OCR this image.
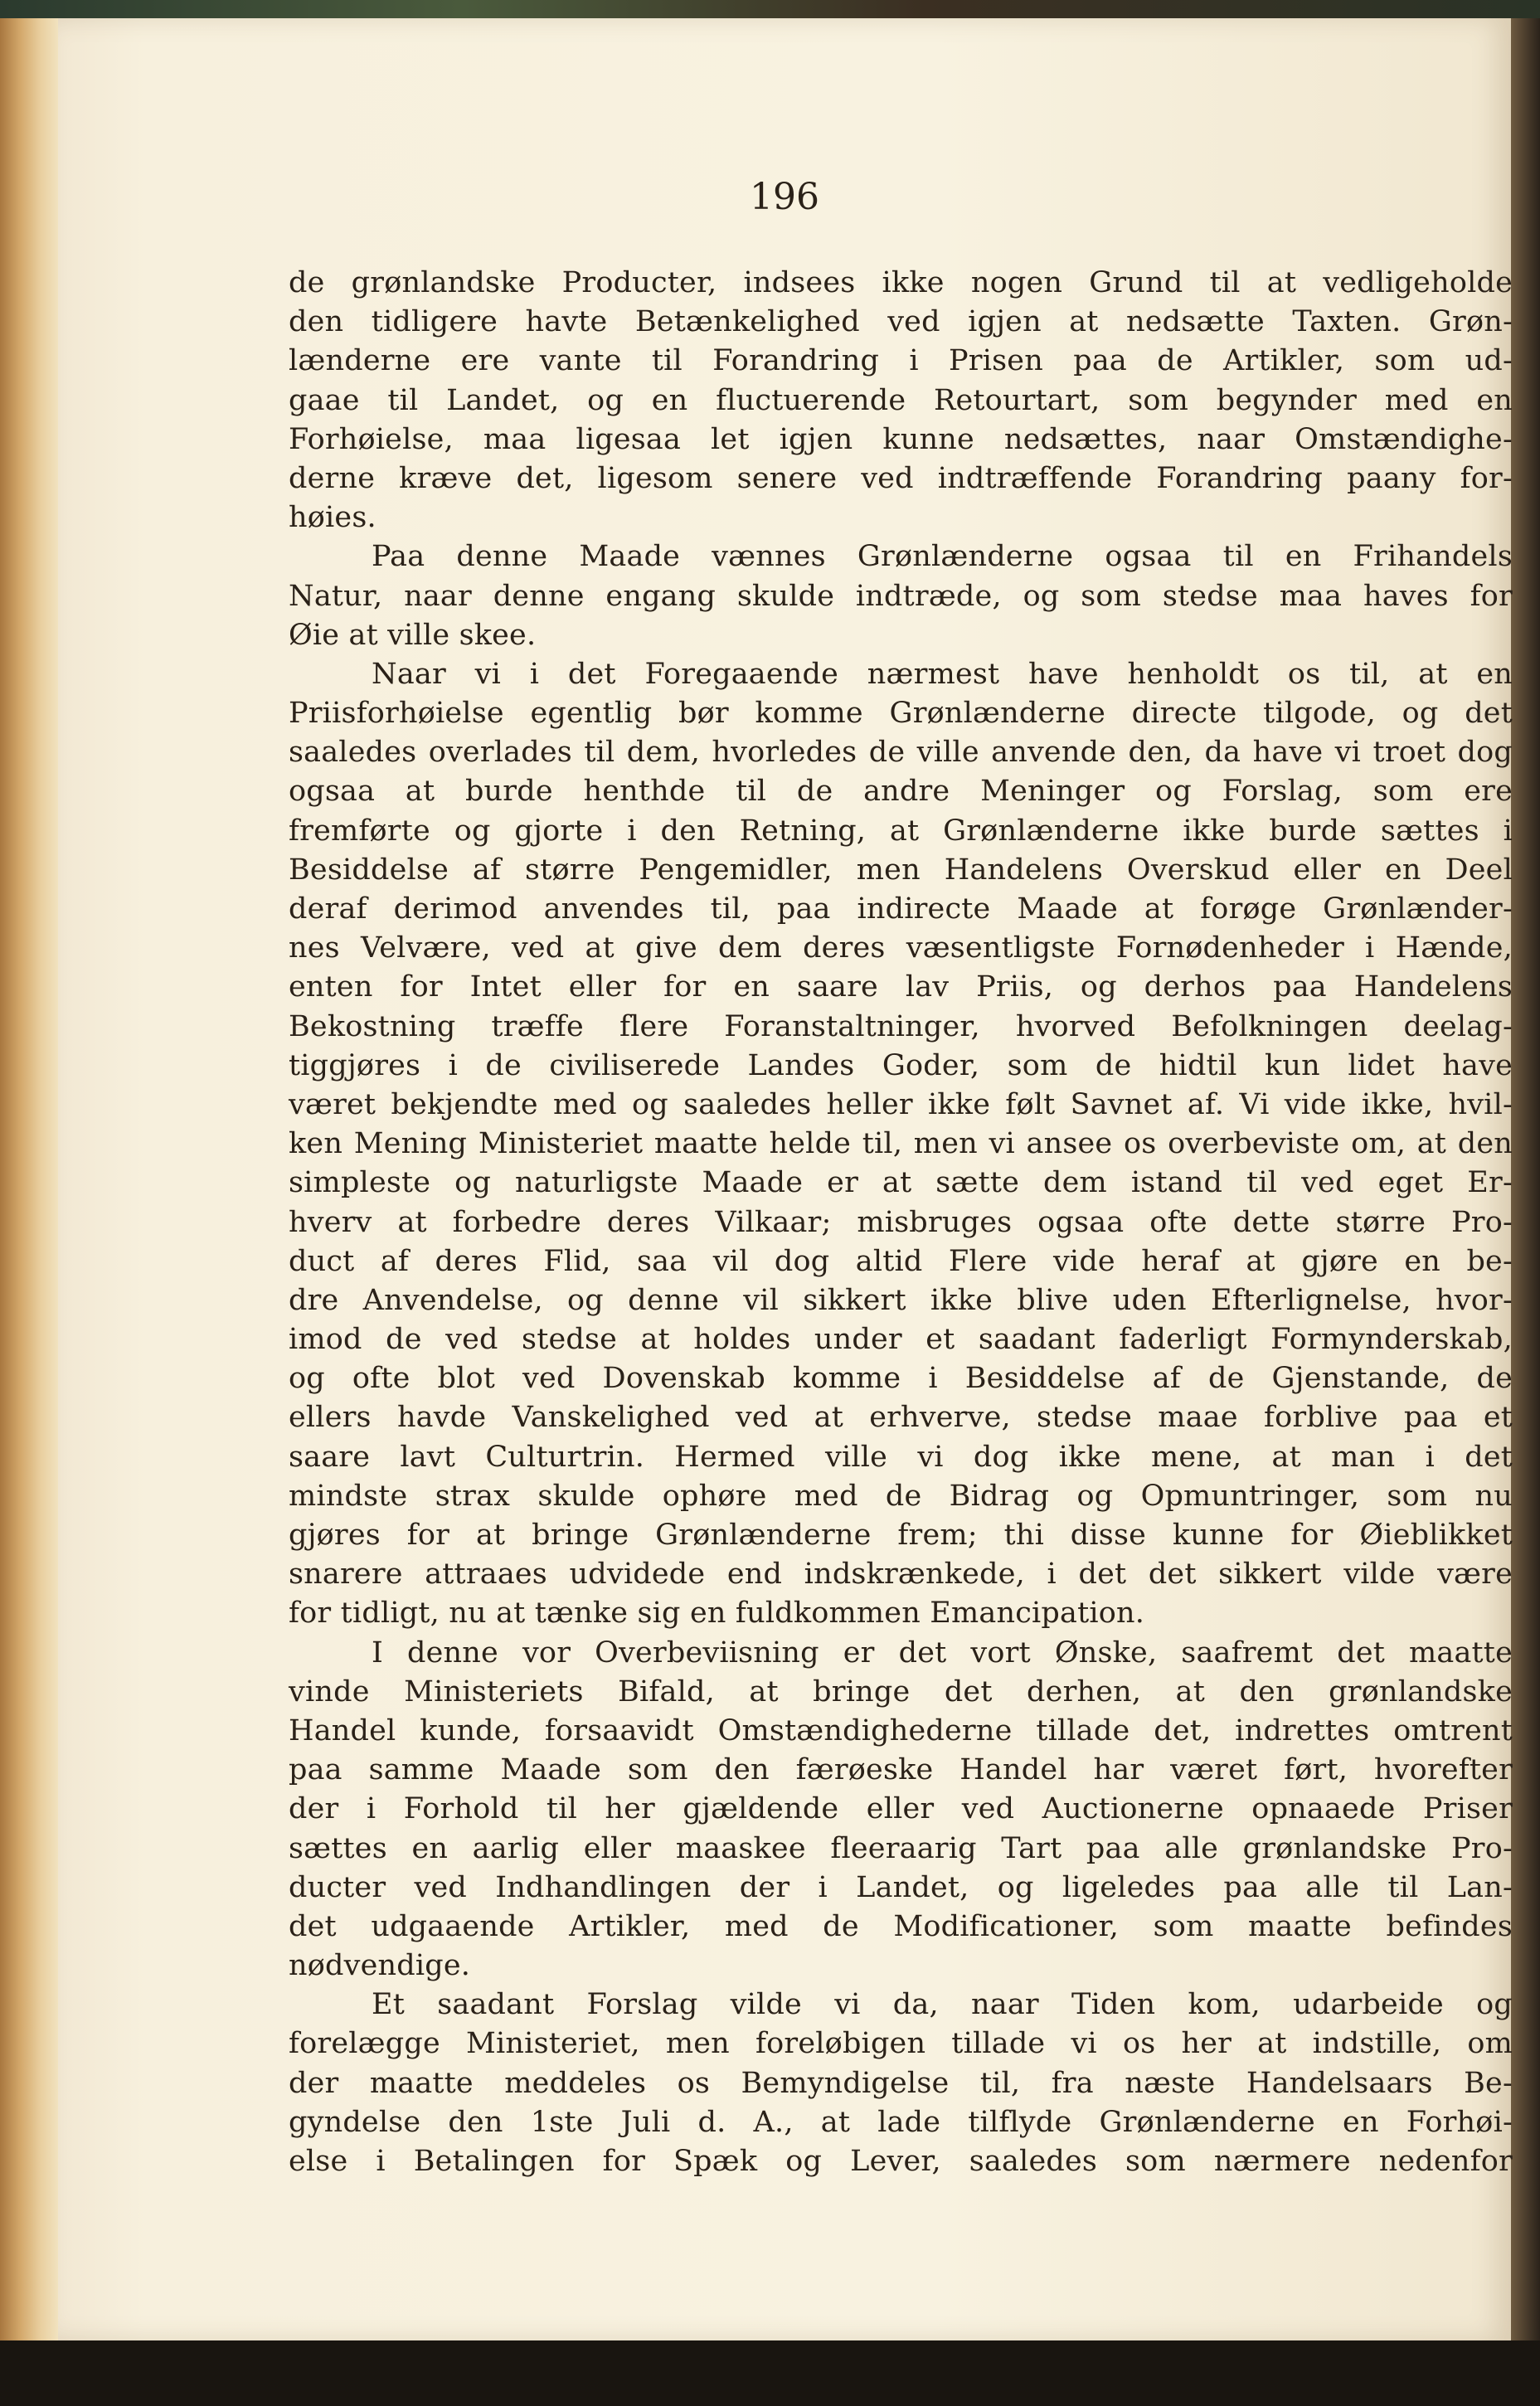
196
de grønlandske Producter, indsees ikke nogen Grund til at vedligeholde
den tidligere havte Betænkelighed ved igjen at nedsætte Taxten. Grøn-
lænderne ere vante til Forandring i Prisen paa de Artikler, som ud-
gaae til Landet, og en fluctuerende Retourtart, som begynder med en
Forhøielse, maa ligesaa let igjen kunne nedsættes, naar Omstændighe-
derne kræve det, ligesom senere ved indtræffende Forandring paany for-
høies.
Paa denne Maade vænnes Grønlænderne ogsaa til en Frihandels
Natur, naar denne engang skulde indtræde, og som stedse maa haves for
Øie at ville skee.
Naar vi i det Foregaaende nærmest have henholdt os til, at en
Priisforhøielse egentlig bør komme Grønlænderne directe tilgode, og det
saaledes overlades til dem, hvorledes de ville anvende den, da have vi troet dog
ogsaa at burde henthde til de andre Meninger og Forslag, som ere
fremførte og gjorte i den Retning, at Grønlænderne ikke burde sættes i
Besiddelse af større Pengemidler, men Handelens Overskud eller en Deel
deraf derimod anvendes til, paa indirecte Maade at forøge Grønlænder-
nes Velvære, ved at give dem deres væsentligste Fornødenheder i Hænde,
enten for Intet eller for en saare lav Priis, og derhos paa Handelens
Bekostning træffe flere Foranstaltninger, hvorved Befolkningen deelag-
tiggjøres i de civiliserede Landes Goder, som de hidtil kun lidet have
været bekjendte med og saaledes heller ikke følt Savnet af. Vi vide ikke, hvil-
ken Mening Ministeriet maatte helde til, men vi ansee os overbeviste om, at den
simpleste og naturligste Maade er at sætte dem istand til ved eget Er-
hverv at forbedre deres Vilkaar; misbruges ogsaa ofte dette større Pro-
duct af deres Flid, saa vil dog altid Flere vide heraf at gjøre en be-
dre Anvendelse, og denne vil sikkert ikke blive uden Efterlignelse, hvor-
imod de ved stedse at holdes under et saadant faderligt Formynderskab,
og ofte blot ved Dovenskab komme i Besiddelse af de Gjenstande, de
ellers havde Vanskelighed ved at erhverve, stedse maae forblive paa et
saare lavt Culturtrin. Hermed ville vi dog ikke mene, at man i det
mindste strax skulde ophøre med de Bidrag og Opmuntringer, som nu
gjøres for at bringe Grønlænderne frem; thi disse kunne for Øieblikket
snarere attraaes udvidede end indskrænkede, i det det sikkert vilde være
for tidligt, nu at tænke sig en fuldkommen Emancipation.
I denne vor Overbeviisning er det vort Ønske, saafremt det maatte
vinde Ministeriets Bifald, at bringe det derhen, at den grønlandske
Handel kunde, forsaavidt Omstændighederne tillade det, indrettes omtrent
paa samme Maade som den færøeske Handel har været ført, hvorefter
der i Forhold til her gjældende eller ved Auctionerne opnaaede Priser
sættes en aarlig eller maaskee fleeraarig Tart paa alle grønlandske Pro-
ducter ved Indhandlingen der i Landet, og ligeledes paa alle til Lan-
det udgaaende Artikler, med de Modificationer, som maatte befindes
nødvendige.
Et saadant Forslag vilde vi da, naar Tiden kom, udarbeide og
forelægge Ministeriet, men foreløbigen tillade vi os her at indstille, om
der maatte meddeles os Bemyndigelse til, fra næste Handelsaars Be-
gyndelse den 1ste Juli d. A., at lade tilflyde Grønlænderne en Forhøi-
else i Betalingen for Spæk og Lever, saaledes som nærmere nedenfor
